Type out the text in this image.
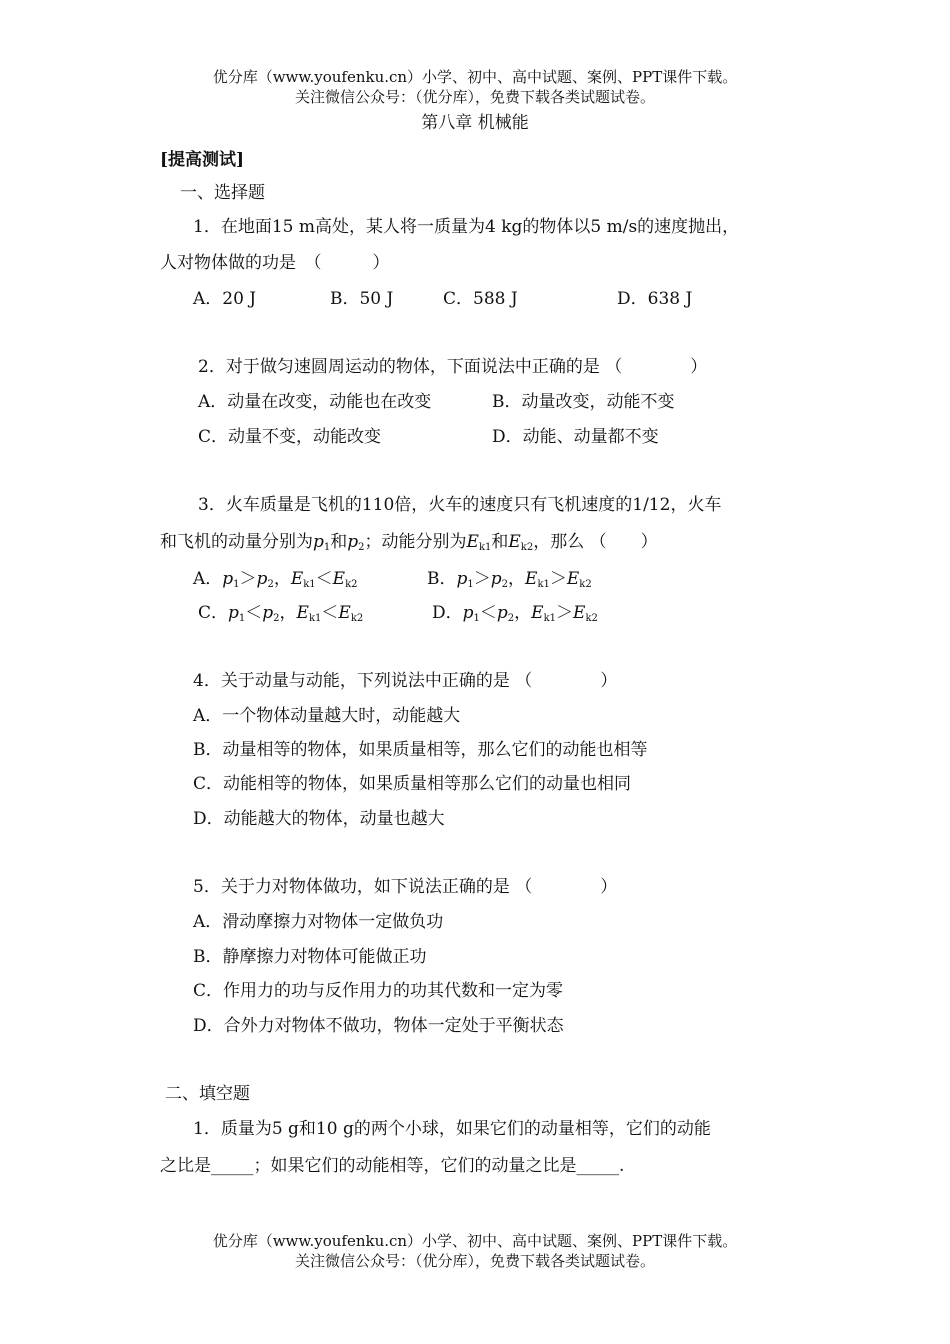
优分库（www.youfenku.cn）小学、初中、高中试题、案例、PPT课件下载。
关注微信公众号：（优分库），免费下载各类试题试卷。
第八章 机械能
[提高测试]
一、选择题
1．在地面15 m高处，某人将一质量为4 kg的物体以5 m/s的速度抛出，
人对物体做的功是　（　　　）
A．20 J	B．50 J	C．588 J	D．638 J
2．对于做匀速圆周运动的物体，下面说法中正确的是 （　　　　）
A．动量在改变，动能也在改变	B．动量改变，动能不变
C．动量不变，动能改变	D．动能、动量都不变
3．火车质量是飞机的110倍，火车的速度只有飞机速度的1/12，火车
和飞机的动量分别为$p_1$和$p_2$；动能分别为$E_{k1}$和$E_{k2}$，那么 （　　）
A．$p_1>p_2$，$E_{k1}<E_{k2}$	B．$p_1>p_2$，$E_{k1}>E_{k2}$
C．$p_1<p_2$，$E_{k1}<E_{k2}$	D．$p_1<p_2$，$E_{k1}>E_{k2}$
4．关于动量与动能，下列说法中正确的是 （　　　　）
A．一个物体动量越大时，动能越大
B．动量相等的物体，如果质量相等，那么它们的动能也相等
C．动能相等的物体，如果质量相等那么它们的动量也相同
D．动能越大的物体，动量也越大
5．关于力对物体做功，如下说法正确的是 （　　　　）
A．滑动摩擦力对物体一定做负功
B．静摩擦力对物体可能做正功
C．作用力的功与反作用力的功其代数和一定为零
D．合外力对物体不做功，物体一定处于平衡状态
二、填空题
1．质量为5 g和10 g的两个小球，如果它们的动量相等，它们的动能
之比是_____；如果它们的动能相等，它们的动量之比是_____.
优分库（www.youfenku.cn）小学、初中、高中试题、案例、PPT课件下载。
关注微信公众号：（优分库），免费下载各类试题试卷。
